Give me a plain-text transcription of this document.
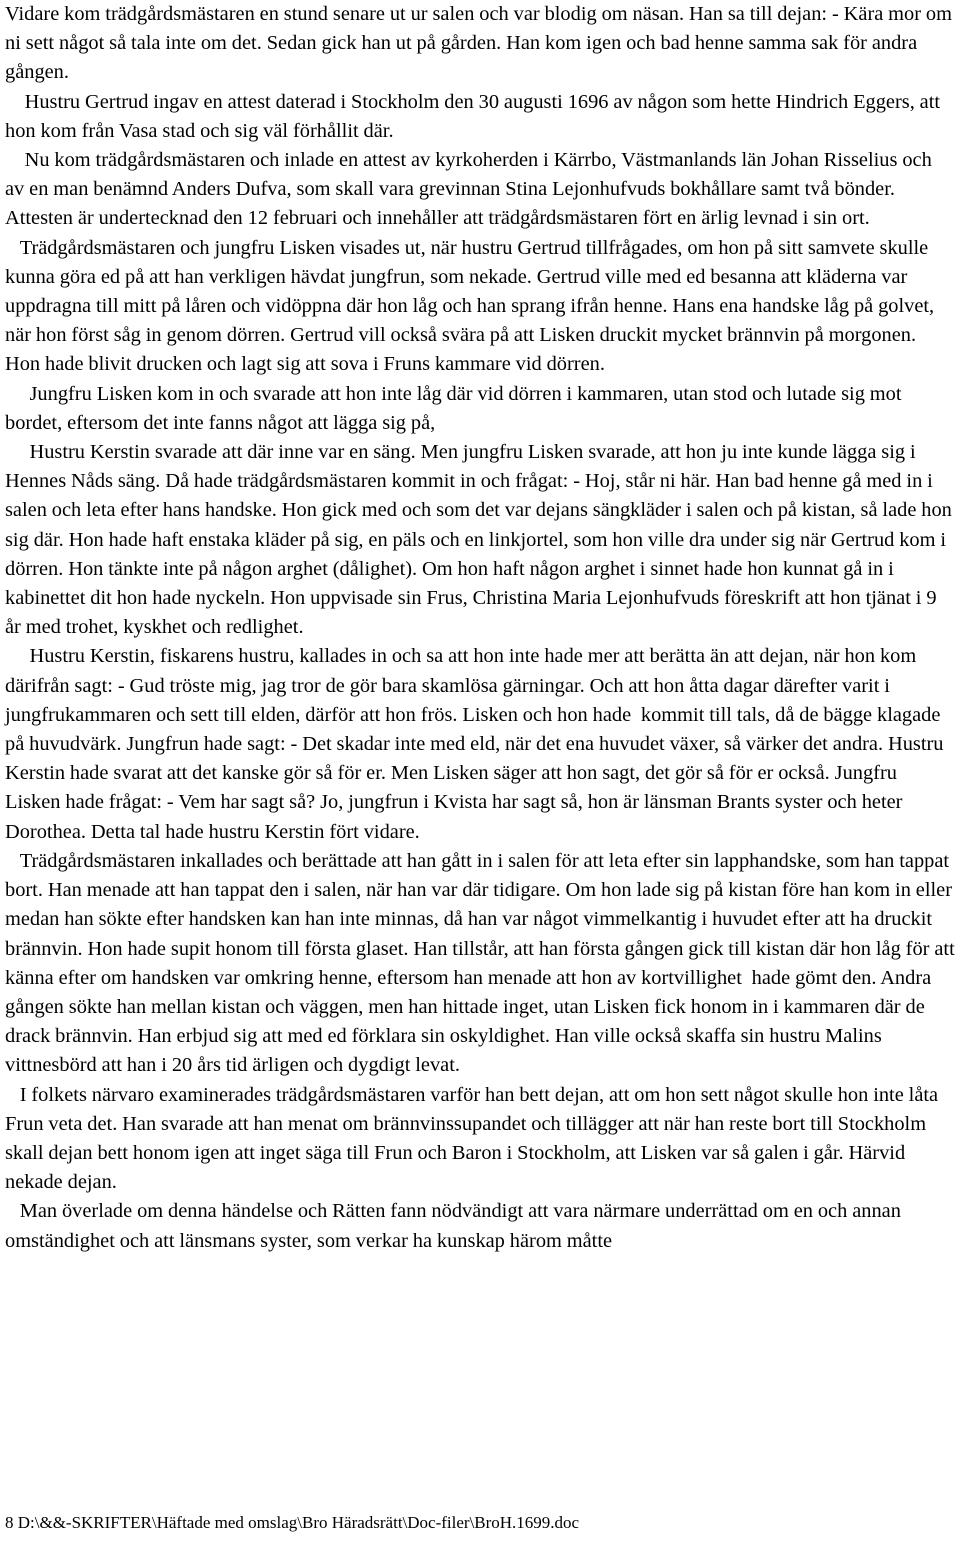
Vidare kom trädgårdsmästaren en stund senare ut ur salen och var blodig om näsan. Han sa till dejan: - Kära mor om ni sett något så tala inte om det. Sedan gick han ut på gården. Han kom igen och bad henne samma sak för andra gången.

Hustru Gertrud ingav en attest daterad i Stockholm den 30 augusti 1696 av någon som hette Hindrich Eggers, att hon kom från Vasa stad och sig väl förhållit där.

Nu kom trädgårdsmästaren och inlade en attest av kyrkoherden i Kärrbo, Västmanlands län Johan Risselius och av en man benämnd Anders Dufva, som skall vara grevinnan Stina Lejonhufvuds bokhållare samt två bönder. Attesten är undertecknad den 12 februari och innehåller att trädgårdsmästaren fört en ärlig levnad i sin ort.

Trädgårdsmästaren och jungfru Lisken visades ut, när hustru Gertrud tillfrågades, om hon på sitt samvete skulle kunna göra ed på att han verkligen hävdat jungfrun, som nekade. Gertrud ville med ed besanna att kläderna var uppdragna till mitt på låren och vidöppna där hon låg och han sprang ifrån henne. Hans ena handske låg på golvet, när hon först såg in genom dörren. Gertrud vill också svära på att Lisken druckit mycket brännvin på morgonen. Hon hade blivit drucken och lagt sig att sova i Fruns kammare vid dörren.

Jungfru Lisken kom in och svarade att hon inte låg där vid dörren i kammaren, utan stod och lutade sig mot bordet, eftersom det inte fanns något att lägga sig på,

Hustru Kerstin svarade att där inne var en säng. Men jungfru Lisken svarade, att hon ju inte kunde lägga sig i Hennes Nåds säng. Då hade trädgårdsmästaren kommit in och frågat: - Hoj, står ni här. Han bad henne gå med in i salen och leta efter hans handske. Hon gick med och som det var dejans sängkläder i salen och på kistan, så lade hon sig där. Hon hade haft enstaka kläder på sig, en päls och en linkjortel, som hon ville dra under sig när Gertrud kom i dörren. Hon tänkte inte på någon arghet (dålighet). Om hon haft någon arghet i sinnet hade hon kunnat gå in i kabinettet dit hon hade nyckeln. Hon uppvisade sin Frus, Christina Maria Lejonhufvuds föreskrift att hon tjänat i 9 år med trohet, kyskhet och redlighet.

Hustru Kerstin, fiskarens hustru, kallades in och sa att hon inte hade mer att berätta än att dejan, när hon kom därifrån sagt: - Gud tröste mig, jag tror de gör bara skamlösa gärningar. Och att hon åtta dagar därefter varit i jungfrukammaren och sett till elden, därför att hon frös. Lisken och hon hade  kommit till tals, då de bägge klagade på huvudvärk. Jungfrun hade sagt: - Det skadar inte med eld, när det ena huvudet växer, så värker det andra. Hustru Kerstin hade svarat att det kanske gör så för er. Men Lisken säger att hon sagt, det gör så för er också. Jungfru Lisken hade frågat: - Vem har sagt så? Jo, jungfrun i Kvista har sagt så, hon är länsman Brants syster och heter Dorothea. Detta tal hade hustru Kerstin fört vidare.

Trädgårdsmästaren inkallades och berättade att han gått in i salen för att leta efter sin lapphandske, som han tappat bort. Han menade att han tappat den i salen, när han var där tidigare. Om hon lade sig på kistan före han kom in eller medan han sökte efter handsken kan han inte minnas, då han var något vimmelkantig i huvudet efter att ha druckit brännvin. Hon hade supit honom till första glaset. Han tillstår, att han första gången gick till kistan där hon låg för att känna efter om handsken var omkring henne, eftersom han menade att hon av kortvillighet  hade gömt den. Andra gången sökte han mellan kistan och väggen, men han hittade inget, utan Lisken fick honom in i kammaren där de drack brännvin. Han erbjud sig att med ed förklara sin oskyldighet. Han ville också skaffa sin hustru Malins vittnesbörd att han i 20 års tid ärligen och dygdigt levat.

I folkets närvaro examinerades trädgårdsmästaren varför han bett dejan, att om hon sett något skulle hon inte låta Frun veta det. Han svarade att han menat om brännvinssupandet och tillägger att när han reste bort till Stockholm skall dejan bett honom igen att inget säga till Frun och Baron i Stockholm, att Lisken var så galen i går. Härvid nekade dejan.

Man överlade om denna händelse och Rätten fann nödvändigt att vara närmare underrättad om en och annan omständighet och att länsmans syster, som verkar ha kunskap härom måtte

8 D:\&&-SKRIFTER\Häftade med omslag\Bro Häradsrätt\Doc-filer\BroH.1699.doc
